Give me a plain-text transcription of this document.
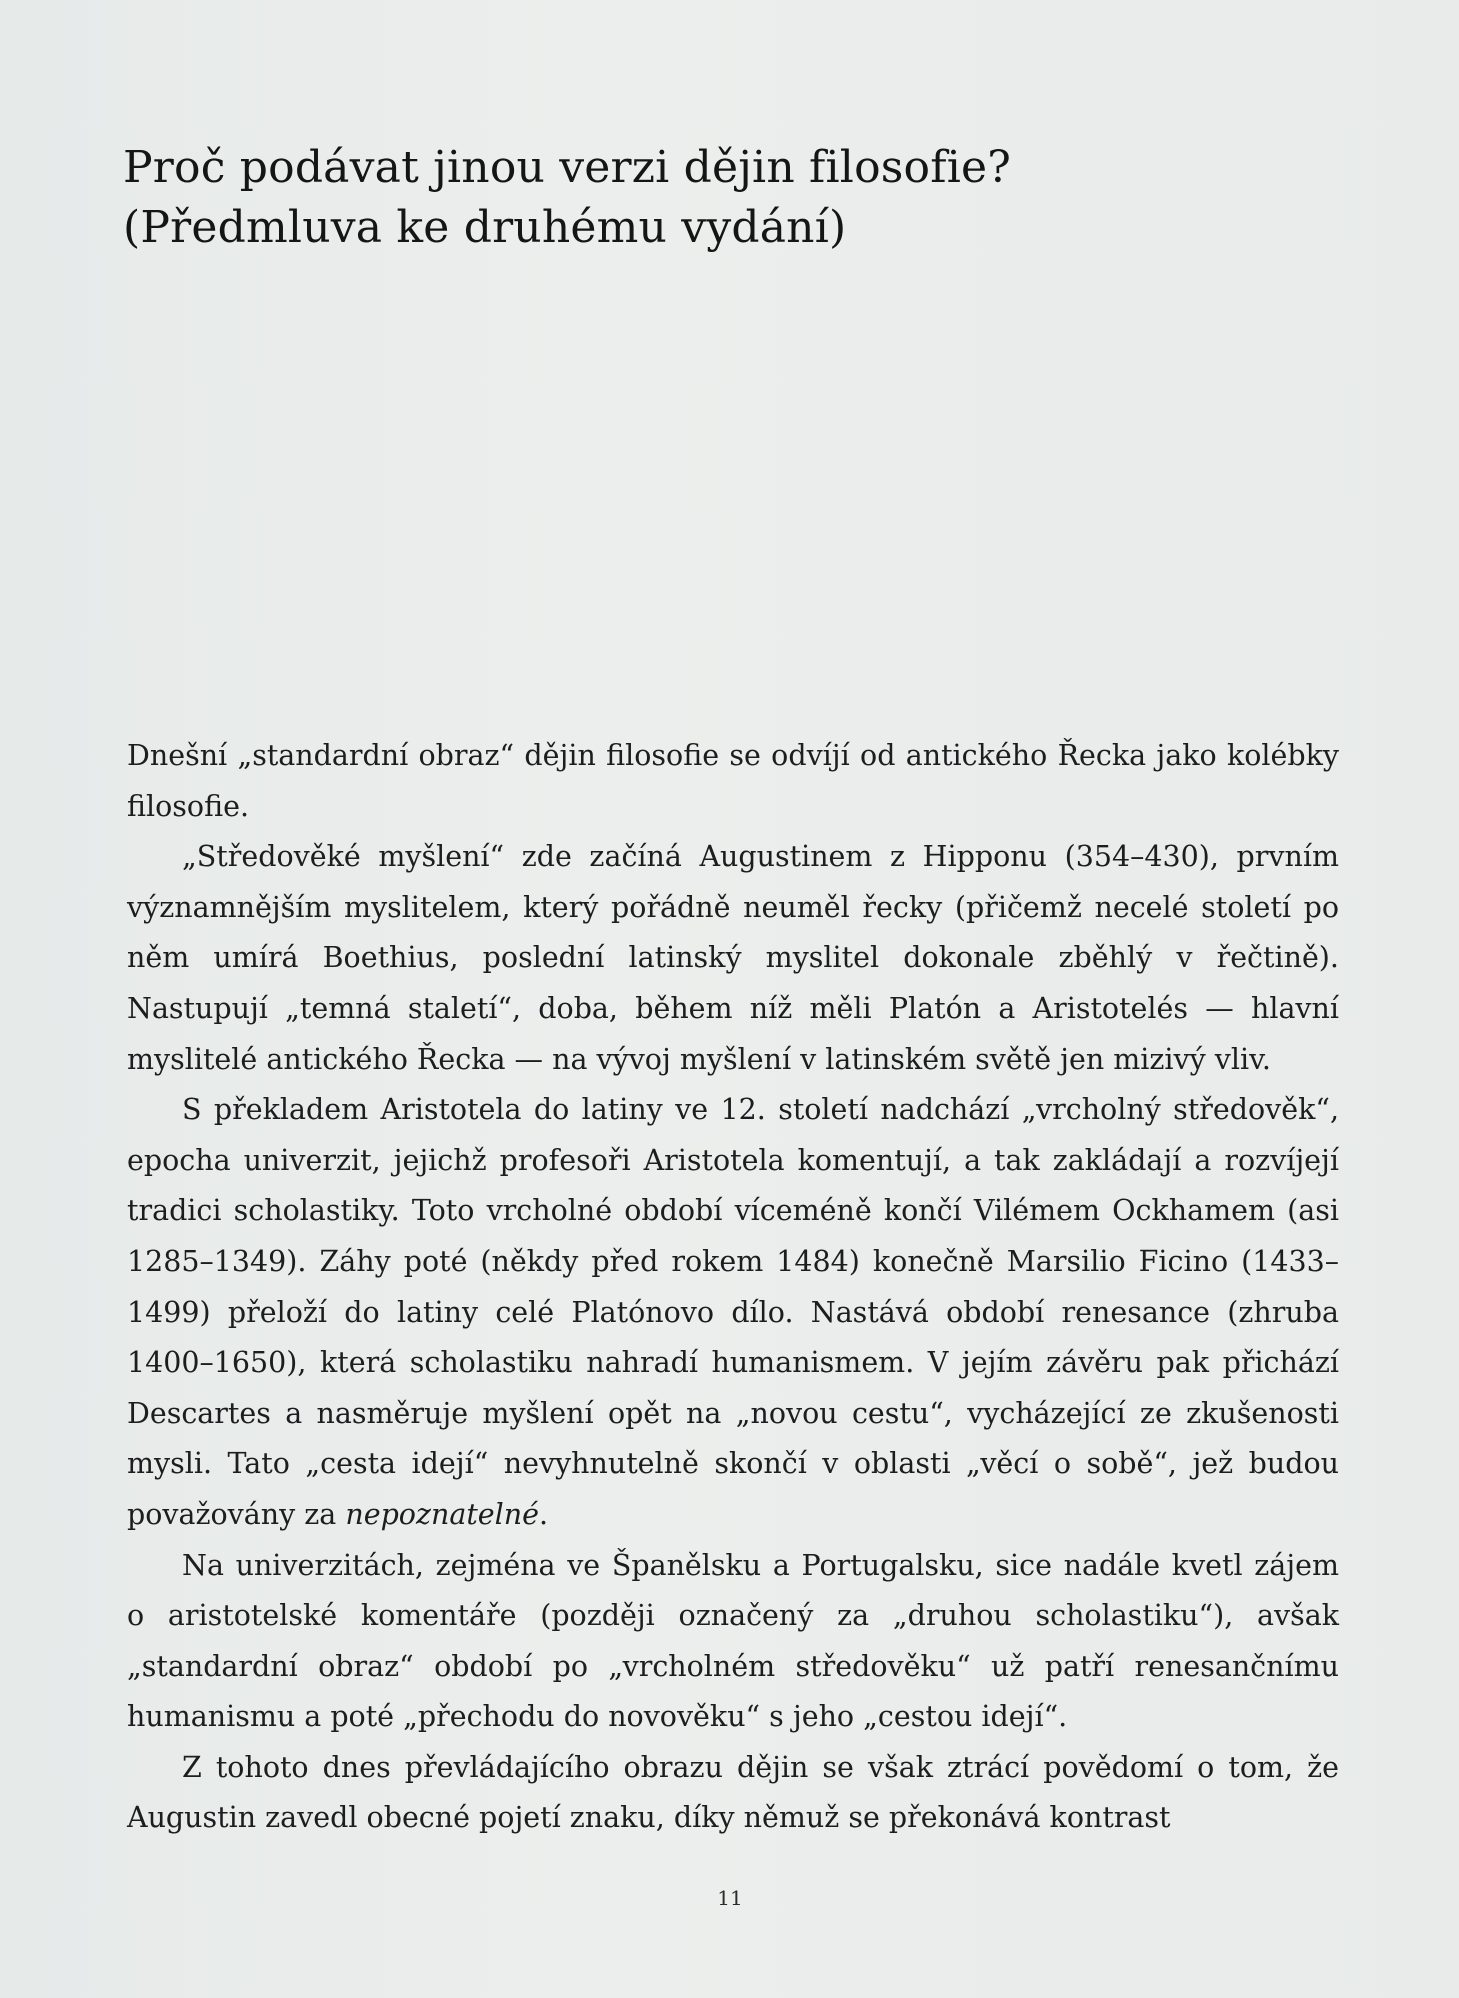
Proč podávat jinou verzi dějin filosofie?
(Předmluva ke druhému vydání)

Dnešní „standardní obraz“ dějin filosofie se odvíjí od antického Řecka jako kolébky filosofie.

„Středověké myšlení“ zde začíná Augustinem z Hipponu (354–430), prvním významnějším myslitelem, který pořádně neuměl řecky (přičemž necelé století po něm umírá Boethius, poslední latinský myslitel dokonale zběhlý v řečtině). Nastupují „temná staletí“, doba, během níž měli Platón a Aristotelés — hlavní myslitelé antického Řecka — na vývoj myšlení v latinském světě jen mizivý vliv.

S překladem Aristotela do latiny ve 12. století nadchází „vrcholný středověk“, epocha univerzit, jejichž profesoři Aristotela komentují, a tak zakládají a rozvíjejí tradici scholastiky. Toto vrcholné období víceméně končí Vilémem Ockhamem (asi 1285–1349). Záhy poté (někdy před rokem 1484) konečně Marsilio Ficino (1433–1499) přeloží do latiny celé Platónovo dílo. Nastává období renesance (zhruba 1400–1650), která scholastiku nahradí humanismem. V jejím závěru pak přichází Descartes a nasměruje myšlení opět na „novou cestu“, vycházející ze zkušenosti mysli. Tato „cesta idejí“ nevyhnutelně skončí v oblasti „věcí o sobě“, jež budou považovány za nepoznatelné.

Na univerzitách, zejména ve Španělsku a Portugalsku, sice nadále kvetl zájem o aristotelské komentáře (později označený za „druhou scholastiku“), avšak „standardní obraz“ období po „vrcholném středověku“ už patří renesančnímu humanismu a poté „přechodu do novověku“ s jeho „cestou idejí“.

Z tohoto dnes převládajícího obrazu dějin se však ztrácí povědomí o tom, že Augustin zavedl obecné pojetí znaku, díky němuž se překonává kontrast

11
